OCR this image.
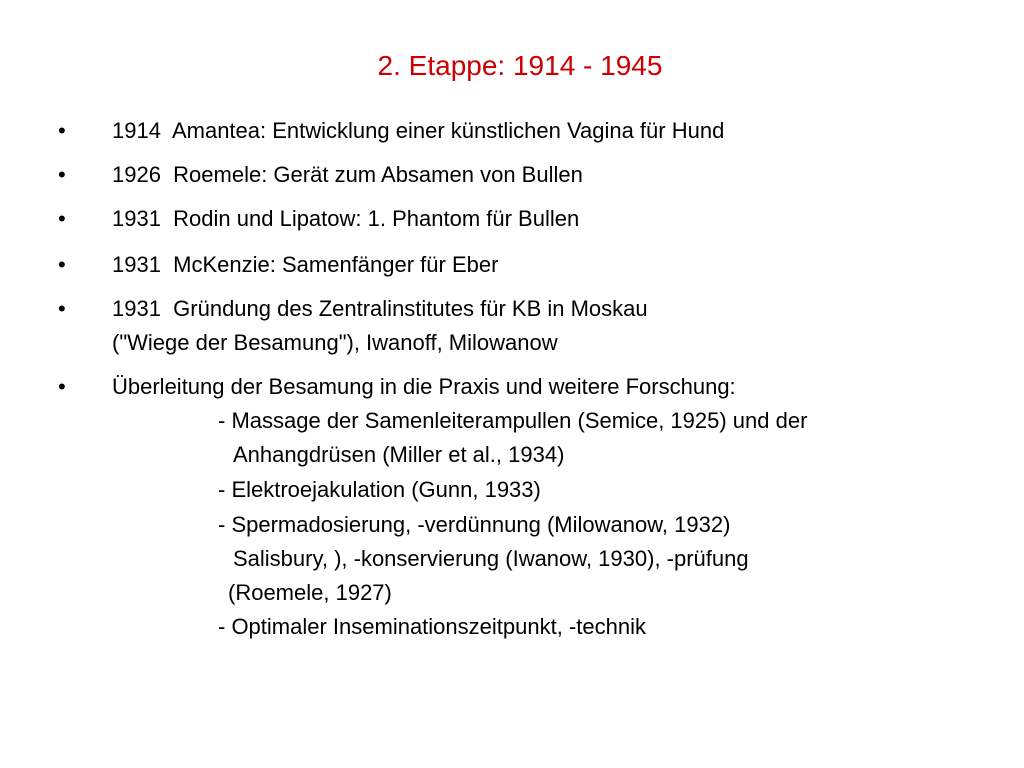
2. Etappe: 1914 - 1945
• 1914  Amantea: Entwicklung einer künstlichen Vagina für Hund
• 1926  Roemele: Gerät zum Absamen von Bullen
• 1931  Rodin und Lipatow: 1. Phantom für Bullen
• 1931  McKenzie: Samenfänger für Eber
• 1931  Gründung des Zentralinstitutes für KB in Moskau
("Wiege der Besamung"), Iwanoff, Milowanow
• Überleitung der Besamung in die Praxis und weitere Forschung:
- Massage der Samenleiterampullen (Semice, 1925) und der
Anhangdrüsen (Miller et al., 1934)
- Elektroejakulation (Gunn, 1933)
- Spermadosierung, -verdünnung (Milowanow, 1932)
Salisbury, ), -konservierung (Iwanow, 1930), -prüfung
(Roemele, 1927)
- Optimaler Inseminationszeitpunkt, -technik
